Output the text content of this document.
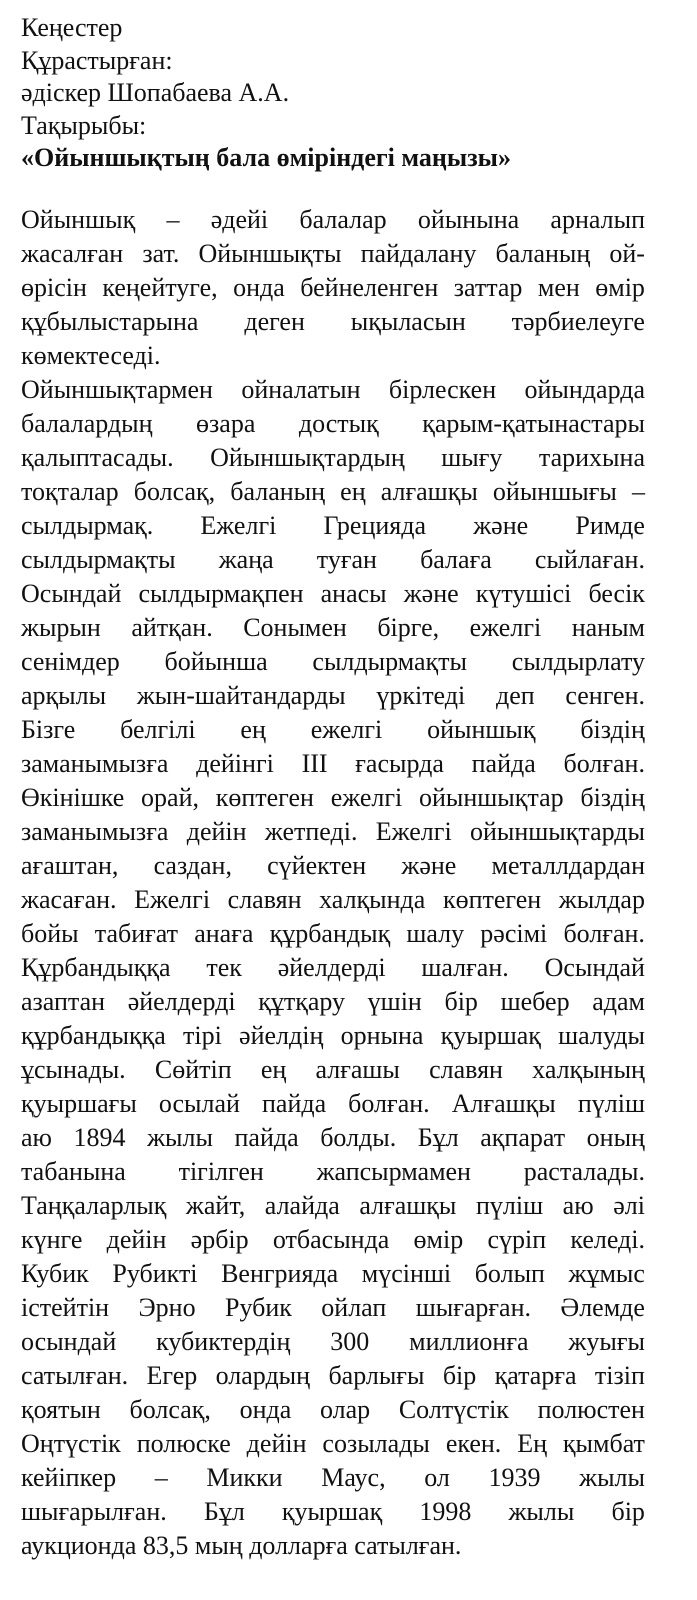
Кеңестер
Құрастырған:
әдіскер Шопабаева А.А.
Тақырыбы:
«Ойыншықтың бала өміріндегі маңызы»
Ойыншық – әдейі балалар ойынына арналып
жасалған зат. Ойыншықты пайдалану баланың ой-
өрісін кеңейтуге, онда бейнеленген заттар мен өмір
құбылыстарына деген ықыласын тәрбиелеуге
көмектеседі.
Ойыншықтармен ойналатын бірлескен ойындарда
балалардың өзара достық қарым-қатынастары
қалыптасады. Ойыншықтардың шығу тарихына
тоқталар болсақ, баланың ең алғашқы ойыншығы –
сылдырмақ. Ежелгі Грецияда және Римде
сылдырмақты жаңа туған балаға сыйлаған.
Осындай сылдырмақпен анасы және күтушісі бесік
жырын айтқан. Сонымен бірге, ежелгі наным
сенімдер бойынша сылдырмақты сылдырлату
арқылы жын-шайтандарды үркітеді деп сенген.
Бізге белгілі ең ежелгі ойыншық біздің
заманымызға дейінгі ІІІ ғасырда пайда болған.
Өкінішке орай, көптеген ежелгі ойыншықтар біздің
заманымызға дейін жетпеді. Ежелгі ойыншықтарды
ағаштан, саздан, сүйектен және металлдардан
жасаған. Ежелгі славян халқында көптеген жылдар
бойы табиғат анаға құрбандық шалу рәсімі болған.
Құрбандыққа тек әйелдерді шалған. Осындай
азаптан әйелдерді құтқару үшін бір шебер адам
құрбандыққа тірі әйелдің орнына қуыршақ шалуды
ұсынады. Сөйтіп ең алғашы славян халқының
қуыршағы осылай пайда болған. Алғашқы пүліш
аю 1894 жылы пайда болды. Бұл ақпарат оның
табанына тігілген жапсырмамен расталады.
Таңқаларлық жайт, алайда алғашқы пүліш аю әлі
күнге дейін әрбір отбасында өмір сүріп келеді.
Кубик Рубикті Венгрияда мүсінші болып жұмыс
істейтін Эрно Рубик ойлап шығарған. Әлемде
осындай кубиктердің 300 миллионға жуығы
сатылған. Егер олардың барлығы бір қатарға тізіп
қоятын болсақ, онда олар Солтүстік полюстен
Оңтүстік полюске дейін созылады екен. Ең қымбат
кейіпкер – Микки Маус, ол 1939 жылы
шығарылған. Бұл қуыршақ 1998 жылы бір
аукционда 83,5 мың долларға сатылған.
